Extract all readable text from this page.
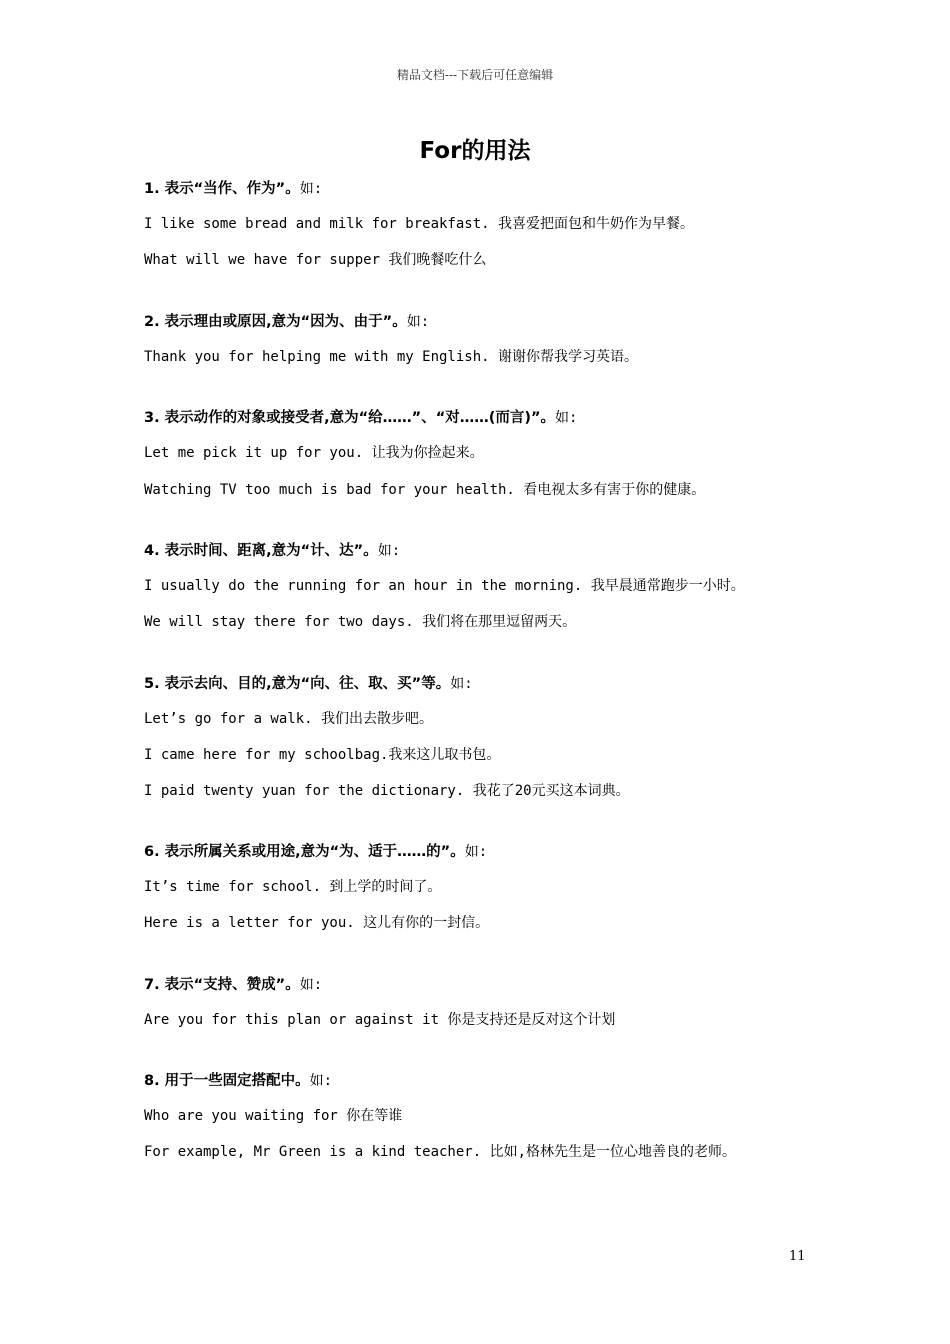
精品文档---下载后可任意编辑
For的用法
1. 表示“当作、作为”。如:
I like some bread and milk for breakfast. 我喜爱把面包和牛奶作为早餐。
What will we have for supper 我们晚餐吃什么
2. 表示理由或原因,意为“因为、由于”。如:
Thank you for helping me with my English. 谢谢你帮我学习英语。
3. 表示动作的对象或接受者,意为“给……”、“对……(而言)”。如:
Let me pick it up for you. 让我为你捡起来。
Watching TV too much is bad for your health. 看电视太多有害于你的健康。
4. 表示时间、距离,意为“计、达”。如:
I usually do the running for an hour in the morning. 我早晨通常跑步一小时。
We will stay there for two days. 我们将在那里逗留两天。
5. 表示去向、目的,意为“向、往、取、买”等。如:
Let’s go for a walk. 我们出去散步吧。
I came here for my schoolbag.我来这儿取书包。
I paid twenty yuan for the dictionary. 我花了20元买这本词典。
6. 表示所属关系或用途,意为“为、适于……的”。如:
It’s time for school. 到上学的时间了。
Here is a letter for you. 这儿有你的一封信。
7. 表示“支持、赞成”。如:
Are you for this plan or against it 你是支持还是反对这个计划
8. 用于一些固定搭配中。如:
Who are you waiting for 你在等谁
For example, Mr Green is a kind teacher. 比如,格林先生是一位心地善良的老师。
11
